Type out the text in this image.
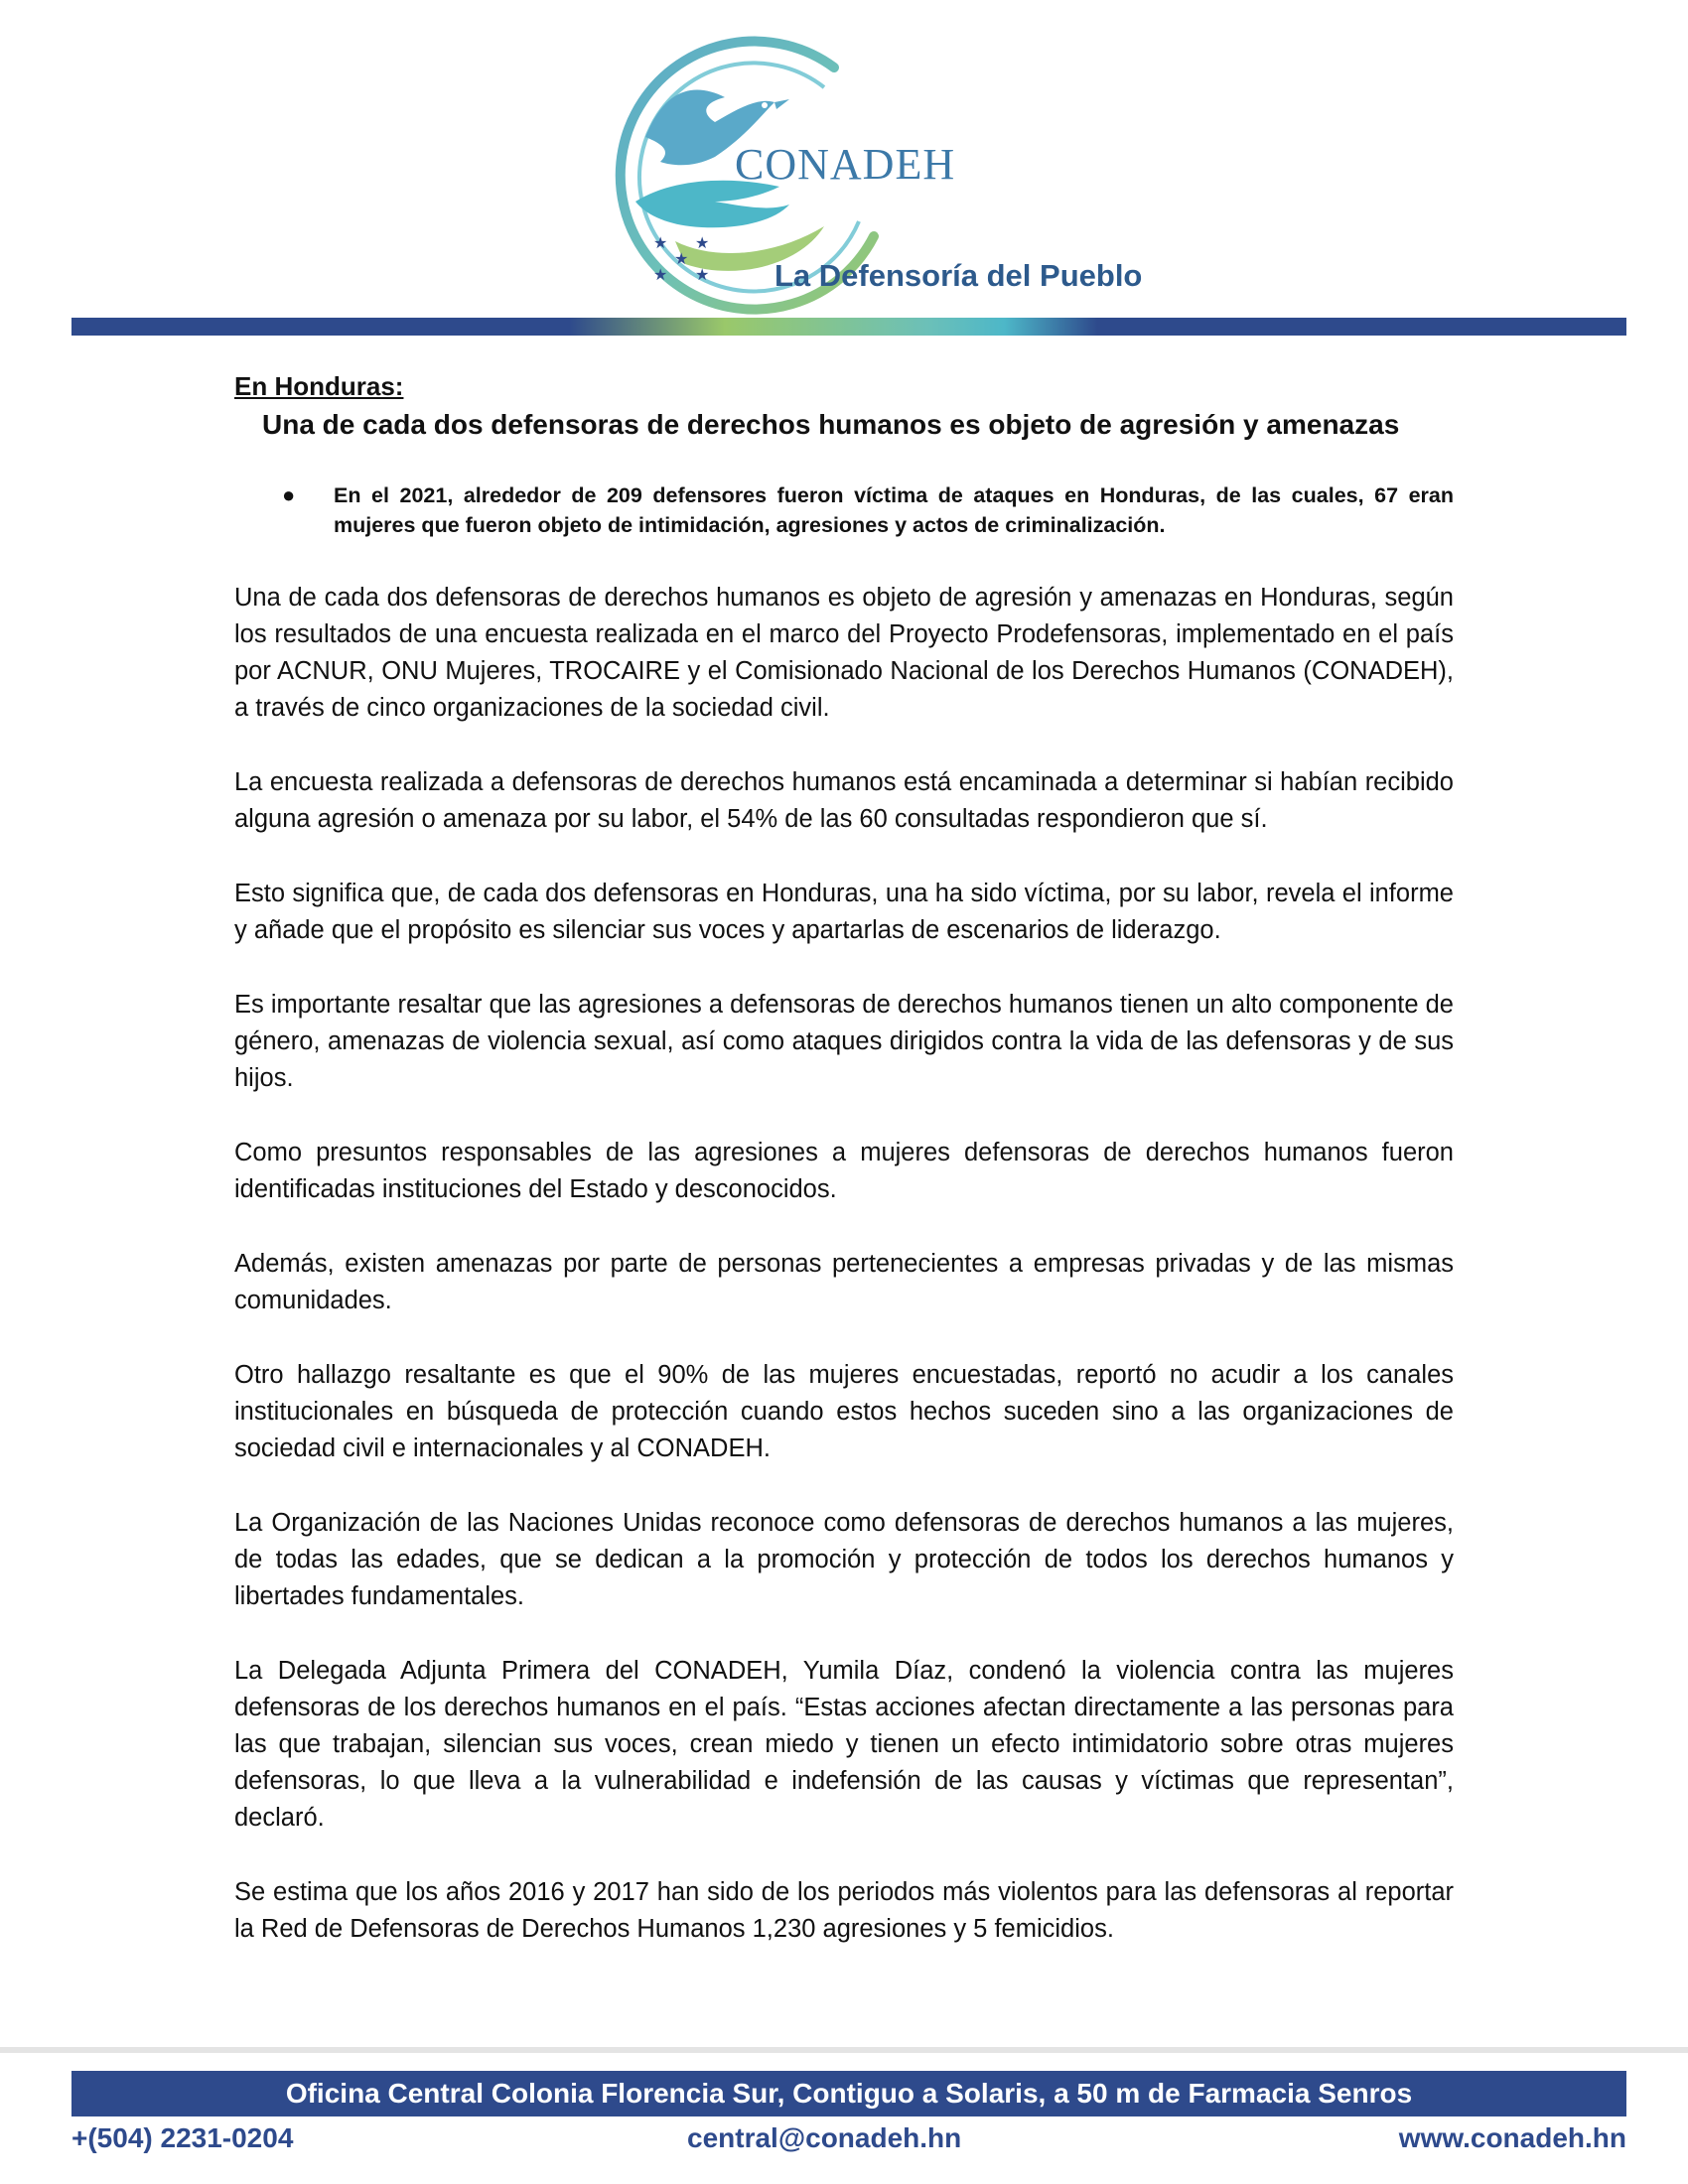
★ ★
★
★ ★
CONADEH
La Defensoría del Pueblo

En Honduras:

Una de cada dos defensoras de derechos humanos es objeto de agresión y amenazas

● En el 2021, alrededor de 209 defensores fueron víctima de ataques en Honduras, de las cuales, 67 eran mujeres que fueron objeto de intimidación, agresiones y actos de criminalización.

Una de cada dos defensoras de derechos humanos es objeto de agresión y amenazas en Honduras, según los resultados de una encuesta realizada en el marco del Proyecto Prodefensoras, implementado en el país por ACNUR, ONU Mujeres, TROCAIRE y el Comisionado Nacional de los Derechos Humanos (CONADEH), a través de cinco organizaciones de la sociedad civil.

La encuesta realizada a defensoras de derechos humanos está encaminada a determinar si habían recibido alguna agresión o amenaza por su labor, el 54% de las 60 consultadas respondieron que sí.

Esto significa que, de cada dos defensoras en Honduras, una ha sido víctima, por su labor, revela el informe y añade que el propósito es silenciar sus voces y apartarlas de escenarios de liderazgo.

Es importante resaltar que las agresiones a defensoras de derechos humanos tienen un alto componente de género, amenazas de violencia sexual, así como ataques dirigidos contra la vida de las defensoras y de sus hijos.

Como presuntos responsables de las agresiones a mujeres defensoras de derechos humanos fueron identificadas instituciones del Estado y desconocidos.

Además, existen amenazas por parte de personas pertenecientes a empresas privadas y de las mismas comunidades.

Otro hallazgo resaltante es que el 90% de las mujeres encuestadas, reportó no acudir a los canales institucionales en búsqueda de protección cuando estos hechos suceden sino a las organizaciones de sociedad civil e internacionales y al CONADEH.

La Organización de las Naciones Unidas reconoce como defensoras de derechos humanos a las mujeres, de todas las edades, que se dedican a la promoción y protección de todos los derechos humanos y libertades fundamentales.

La Delegada Adjunta Primera del CONADEH, Yumila Díaz, condenó la violencia contra las mujeres defensoras de los derechos humanos en el país. “Estas acciones afectan directamente a las personas para las que trabajan, silencian sus voces, crean miedo y tienen un efecto intimidatorio sobre otras mujeres defensoras, lo que lleva a la vulnerabilidad e indefensión de las causas y víctimas que representan”, declaró.

Se estima que los años 2016 y 2017 han sido de los periodos más violentos para las defensoras al reportar la Red de Defensoras de Derechos Humanos 1,230 agresiones y 5 femicidios.

Oficina Central Colonia Florencia Sur, Contiguo a Solaris, a 50 m de Farmacia Senros
+(504) 2231-0204	central@conadeh.hn	www.conadeh.hn
